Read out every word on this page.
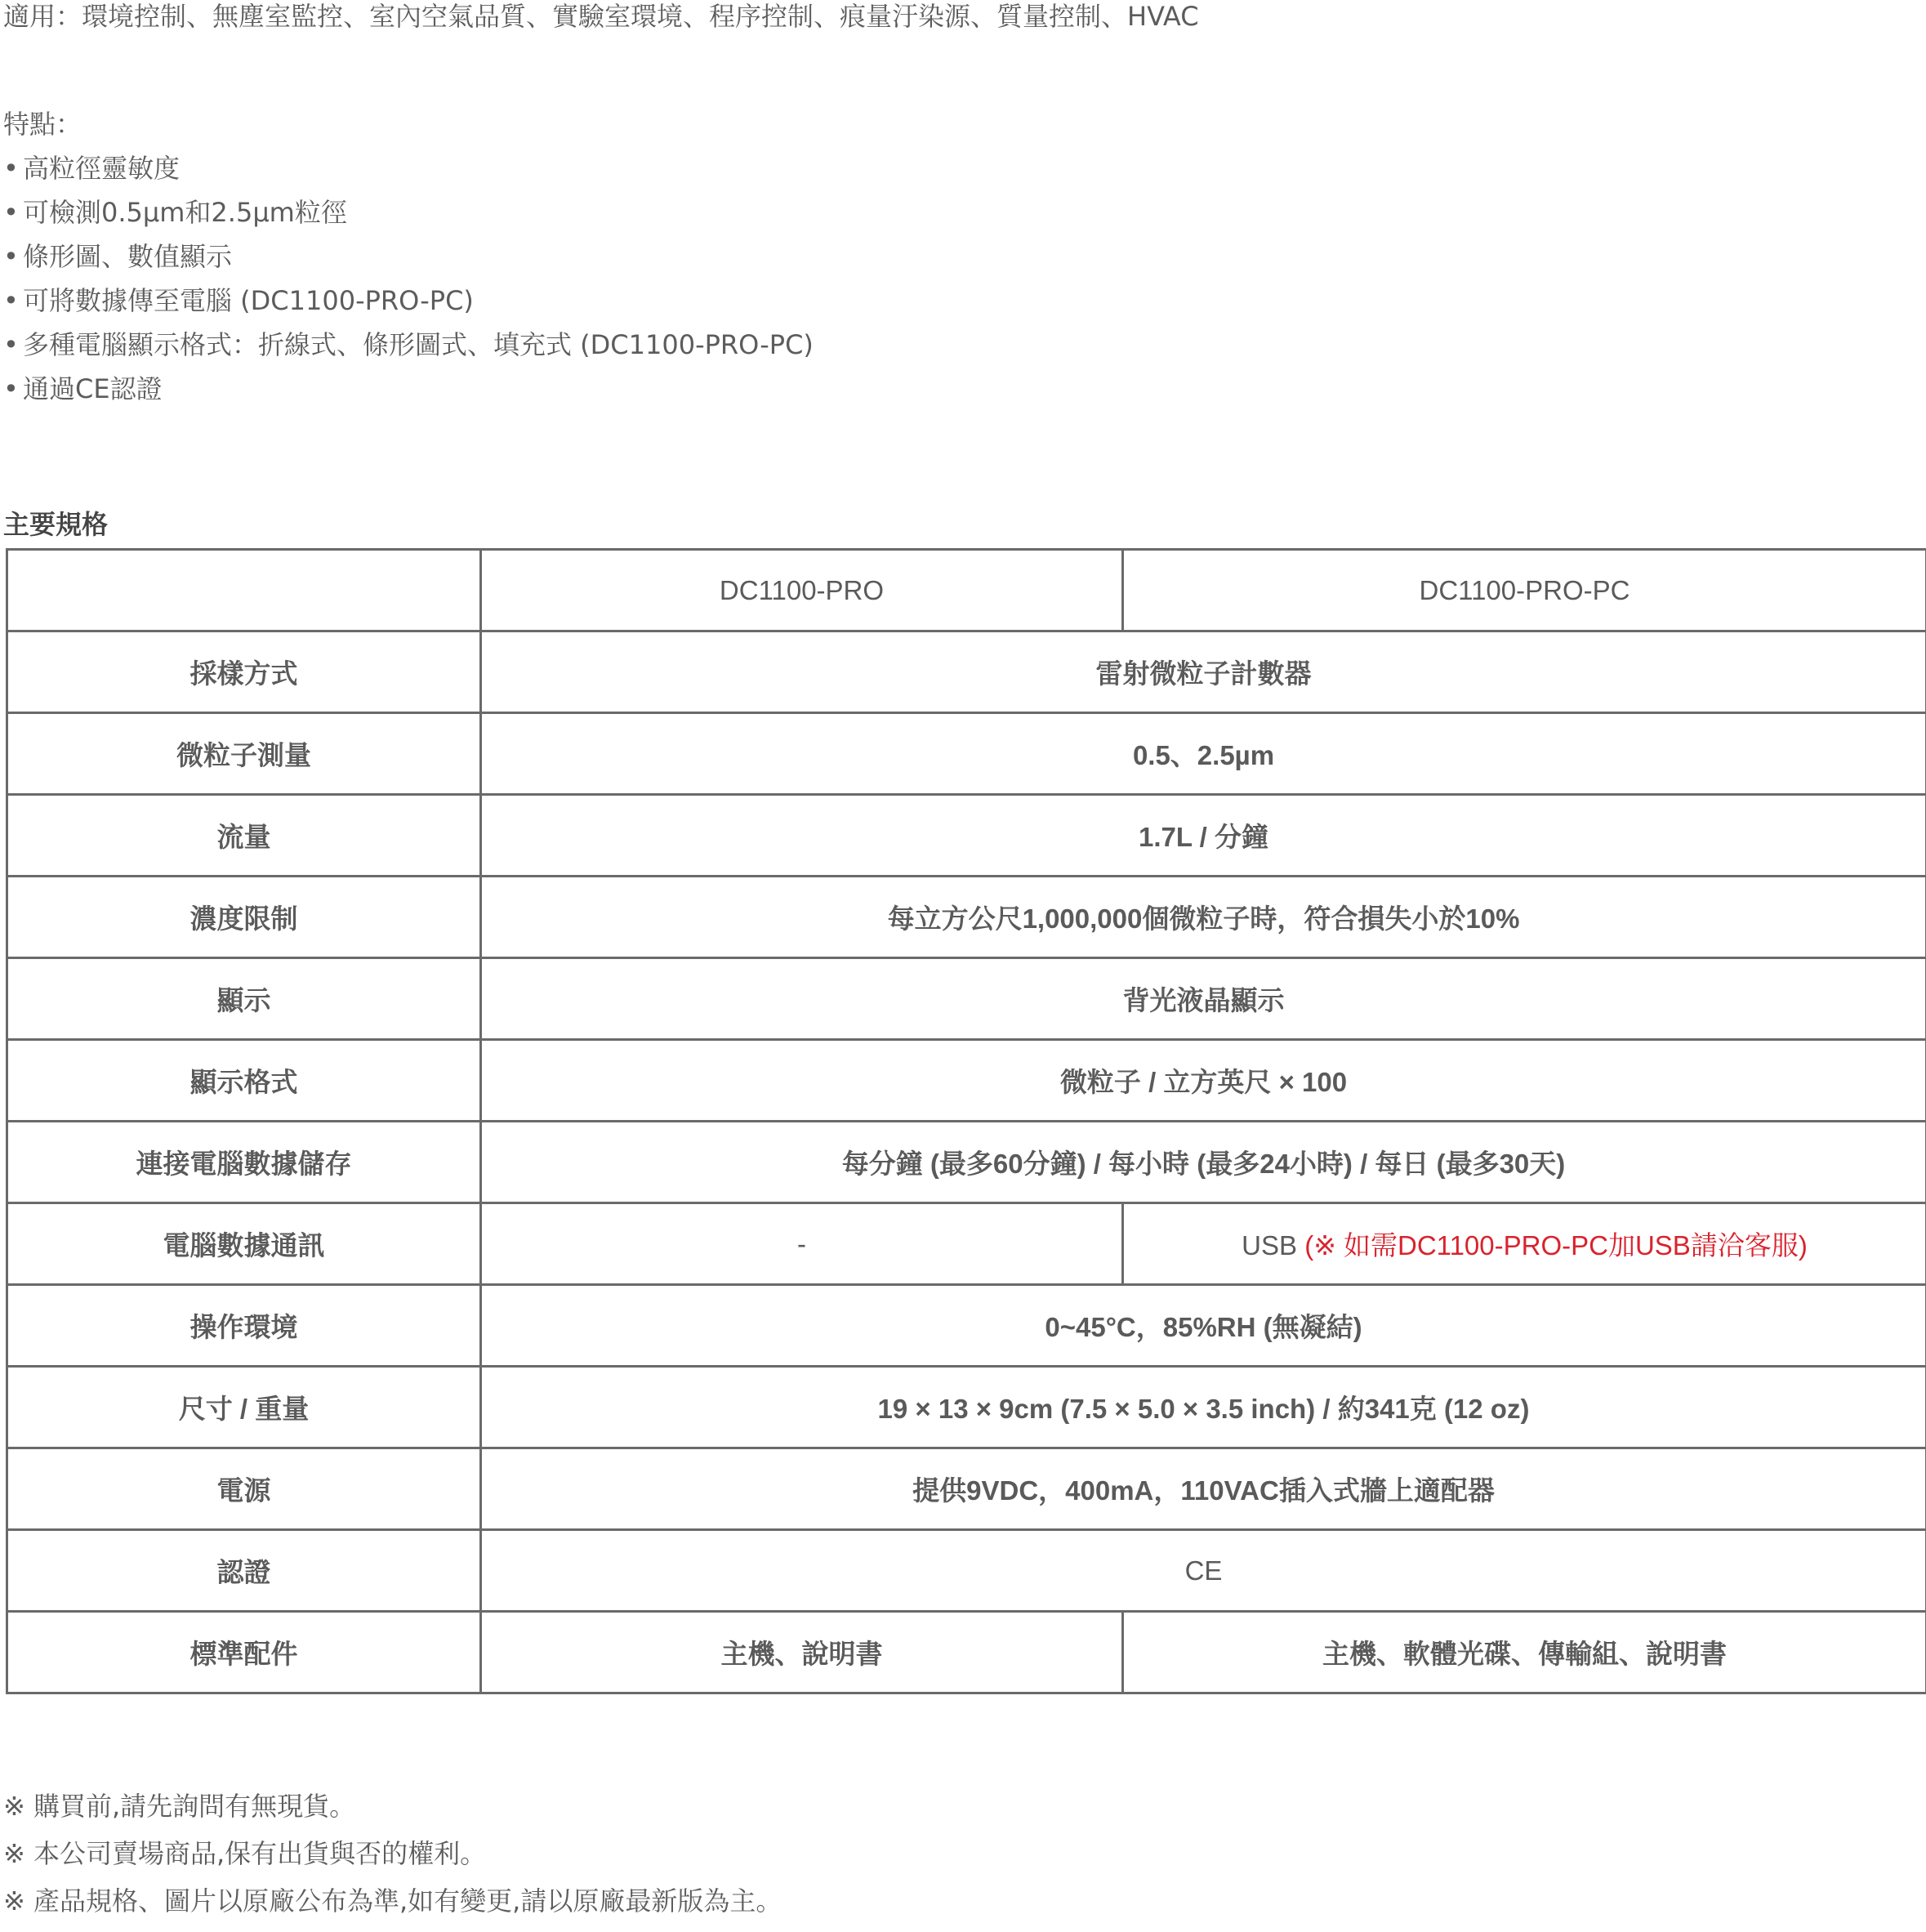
適用：環境控制、無塵室監控、室內空氣品質、實驗室環境、程序控制、痕量汙染源、質量控制、HVAC
特點：
• 高粒徑靈敏度
• 可檢測0.5µm和2.5µm粒徑
• 條形圖、數值顯示
• 可將數據傳至電腦 (DC1100-PRO-PC)
• 多種電腦顯示格式：折線式、條形圖式、填充式 (DC1100-PRO-PC)
• 通過CE認證
主要規格
	DC1100-PRO	DC1100-PRO-PC
採樣方式	雷射微粒子計數器	
微粒子測量	0.5、2.5µm	
流量	1.7L / 分鐘	
濃度限制	每立方公尺1,000,000個微粒子時，符合損失小於10%	
顯示	背光液晶顯示	
顯示格式	微粒子 / 立方英尺 × 100	
連接電腦數據儲存	每分鐘 (最多60分鐘) / 每小時 (最多24小時) / 每日 (最多30天)	
電腦數據通訊	-	USB (※ 如需DC1100-PRO-PC加USB請洽客服)
操作環境	0~45°C，85%RH (無凝結)	
尺寸 / 重量	19 × 13 × 9cm (7.5 × 5.0 × 3.5 inch) / 約341克 (12 oz)	
電源	提供9VDC，400mA，110VAC插入式牆上適配器	
認證	CE	
標準配件	主機、說明書	主機、軟體光碟、傳輸組、說明書
※ 購買前,請先詢問有無現貨。
※ 本公司賣場商品,保有出貨與否的權利。
※ 產品規格、圖片以原廠公布為準,如有變更,請以原廠最新版為主。
